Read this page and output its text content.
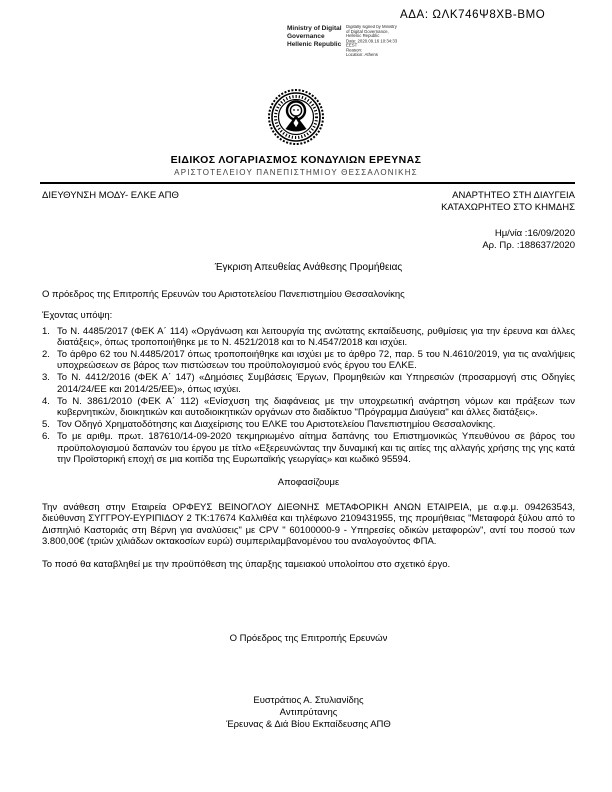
ΑΔΑ: ΩΛΚ746Ψ8ΧΒ-ΒΜΟ
Ministry of Digital
Governance
Hellenic Republic
Digitally signed by Ministry
of Digital Governance,
Hellenic Republic
Date: 2020.09.16 10:34:33
EEST
Reason:
Location: Athens
ΕΙΔΙΚΟΣ ΛΟΓΑΡΙΑΣΜΟΣ ΚΟΝΔΥΛΙΩΝ ΕΡΕΥΝΑΣ
ΑΡΙΣΤΟΤΕΛΕΙΟΥ ΠΑΝΕΠΙΣΤΗΜΙΟΥ ΘΕΣΣΑΛΟΝΙΚΗΣ
ΔΙΕΥΘΥΝΣΗ ΜΟΔΥ- ΕΛΚΕ ΑΠΘ	ΑΝΑΡΤΗΤΕΟ ΣΤΗ ΔΙΑΥΓΕΙΑ
ΚΑΤΑΧΩΡΗΤΕΟ ΣΤΟ ΚΗΜΔΗΣ
Ημ/νία :16/09/2020
Αρ. Πρ. :188637/2020
Έγκριση Απευθείας Ανάθεσης Προμήθειας

Ο πρόεδρος της Επιτροπής Ερευνών του Αριστοτελείου Πανεπιστημίου Θεσσαλονίκης

Έχοντας υπόψη:

1. Το Ν. 4485/2017 (ΦΕΚ Α΄ 114) «Οργάνωση και λειτουργία της ανώτατης εκπαίδευσης, ρυθμίσεις για την έρευνα και άλλες διατάξεις», όπως τροποποιήθηκε με το Ν. 4521/2018 και το Ν.4547/2018 και ισχύει.
2. Το άρθρο 62 του Ν.4485/2017 όπως τροποποιήθηκε και ισχύει με το άρθρο 72, παρ. 5 του Ν.4610/2019, για τις αναλήψεις υποχρεώσεων σε βάρος των πιστώσεων του προϋπολογισμού ενός έργου του ΕΛΚΕ.
3. Το Ν. 4412/2016 (ΦΕΚ Α΄ 147) «Δημόσιες Συμβάσεις Έργων, Προμηθειών και Υπηρεσιών (προσαρμογή στις Οδηγίες 2014/24/ΕΕ και 2014/25/ΕΕ)», όπως ισχύει.
4. Το Ν. 3861/2010 (ΦΕΚ Α΄ 112) «Ενίσχυση της διαφάνειας με την υποχρεωτική ανάρτηση νόμων και πράξεων των κυβερνητικών, διοικητικών και αυτοδιοικητικών οργάνων στο διαδίκτυο "Πρόγραμμα Διαύγεια" και άλλες διατάξεις».
5. Τον Οδηγό Χρηματοδότησης και Διαχείρισης του ΕΛΚΕ του Αριστοτελείου Πανεπιστημίου Θεσσαλονίκης.
6. Το με αριθμ. πρωτ. 187610/14-09-2020 τεκμηριωμένο αίτημα δαπάνης του Επιστημονικώς Υπευθύνου σε βάρος του προϋπολογισμού δαπανών του έργου με τίτλο «Εξερευνώντας την δυναμική και τις αιτίες της αλλαγής χρήσης της γης κατά την Προϊστορική εποχή σε μια κοιτίδα της Ευρωπαϊκής γεωργίας» και κωδικό 95594.
Αποφασίζουμε

Την ανάθεση στην Εταιρεία ΟΡΦΕΥΣ ΒΕΙΝΟΓΛΟΥ ΔΙΕΘΝΗΣ ΜΕΤΑΦΟΡΙΚΗ ΑΝΩΝ ΕΤΑΙΡΕΙΑ, με α.φ.μ. 094263543, διεύθυνση ΣΥΓΓΡΟΥ-ΕΥΡΙΠΙΔΟΥ 2 ΤΚ:17674 Καλλιθέα και τηλέφωνο 2109431955, της προμήθειας "Μεταφορά ξύλου από το Δισπηλιό Καστοριάς στη Βέρνη για αναλύσεις" με CPV " 60100000-9 - Υπηρεσίες οδικών μεταφορών", αντί του ποσού των 3.800,00€ (τριών χιλιάδων οκτακοσίων ευρώ) συμπεριλαμβανομένου του αναλογούντος ΦΠΑ.

Το ποσό θα καταβληθεί με την προϋπόθεση της ύπαρξης ταμειακού υπολοίπου στο σχετικό έργο.

Ο Πρόεδρος της Επιτροπής Ερευνών
Ευστράτιος Α. Στυλιανίδης
Αντιπρύτανης
Έρευνας & Διά Βίου Εκπαίδευσης ΑΠΘ
